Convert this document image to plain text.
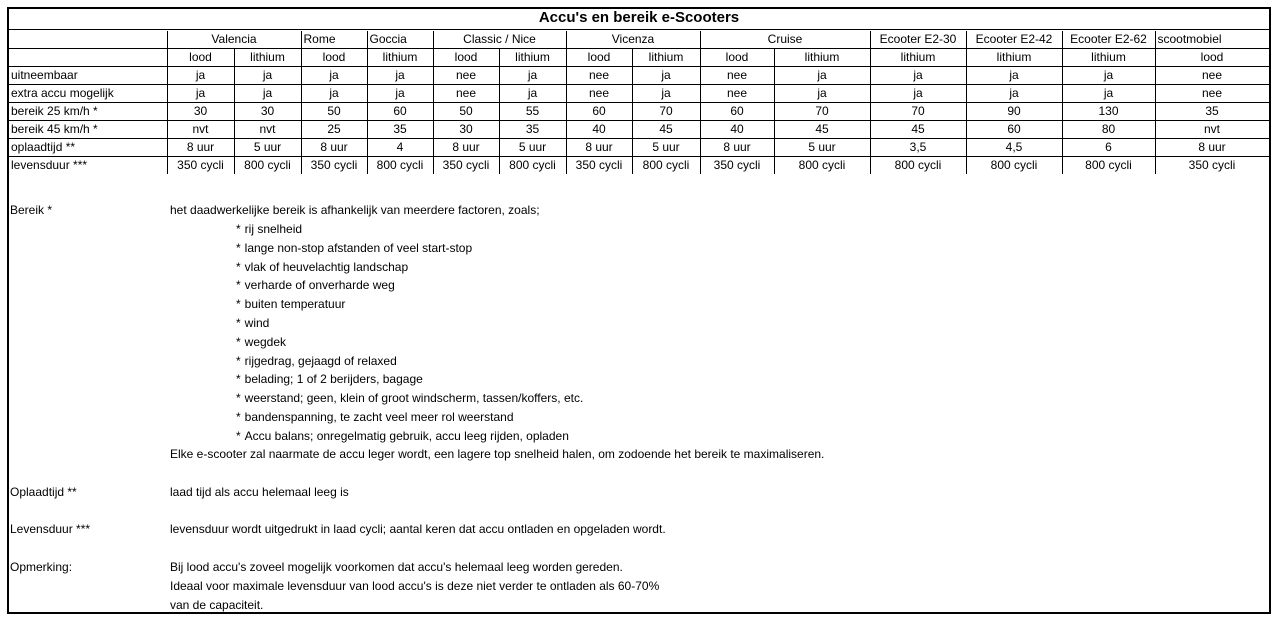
Accu's en bereik e-Scooters
	Valencia		Rome	Goccia	Classic / Nice		Vicenza		Cruise		Ecooter E2-30	Ecooter E2-42	Ecooter E2-62	scootmobiel
	lood	lithium	lood	lithium	lood	lithium	lood	lithium	lood	lithium	lithium	lithium	lithium	lood
uitneembaar	ja	ja	ja	ja	nee	ja	nee	ja	nee	ja	ja	ja	ja	nee
extra accu mogelijk	ja	ja	ja	ja	nee	ja	nee	ja	nee	ja	ja	ja	ja	nee
bereik 25 km/h *	30	30	50	60	50	55	60	70	60	70	70	90	130	35
bereik 45 km/h *	nvt	nvt	25	35	30	35	40	45	40	45	45	60	80	nvt
oplaadtijd **	8 uur	5 uur	8 uur	4	8 uur	5 uur	8 uur	5 uur	8 uur	5 uur	3,5	4,5	6	8 uur
levensduur ***	350 cycli	800 cycli	350 cycli	800 cycli	350 cycli	800 cycli	350 cycli	800 cycli	350 cycli	800 cycli	800 cycli	800 cycli	800 cycli	350 cycli
Bereik *	het daadwerkelijke bereik is afhankelijk van meerdere factoren, zoals;
* rij snelheid
* lange non-stop afstanden of veel start-stop
* vlak of heuvelachtig landschap
* verharde of onverharde weg
* buiten temperatuur
* wind
* wegdek
* rijgedrag, gejaagd of relaxed
* belading; 1 of 2 berijders, bagage
* weerstand; geen, klein of groot windscherm, tassen/koffers, etc.
* bandenspanning, te zacht veel meer rol weerstand
* Accu balans; onregelmatig gebruik, accu leeg rijden, opladen
Elke e-scooter zal naarmate de accu leger wordt, een lagere top snelheid halen, om zodoende het bereik te maximaliseren.
Oplaadtijd **	laad tijd als accu helemaal leeg is
Levensduur ***	levensduur wordt uitgedrukt in laad cycli; aantal keren dat accu ontladen en opgeladen wordt.
Opmerking:	Bij lood accu's zoveel mogelijk voorkomen dat accu's helemaal leeg worden gereden.
Ideaal voor maximale levensduur van lood accu's is deze niet verder te ontladen als 60-70%
van de capaciteit.
